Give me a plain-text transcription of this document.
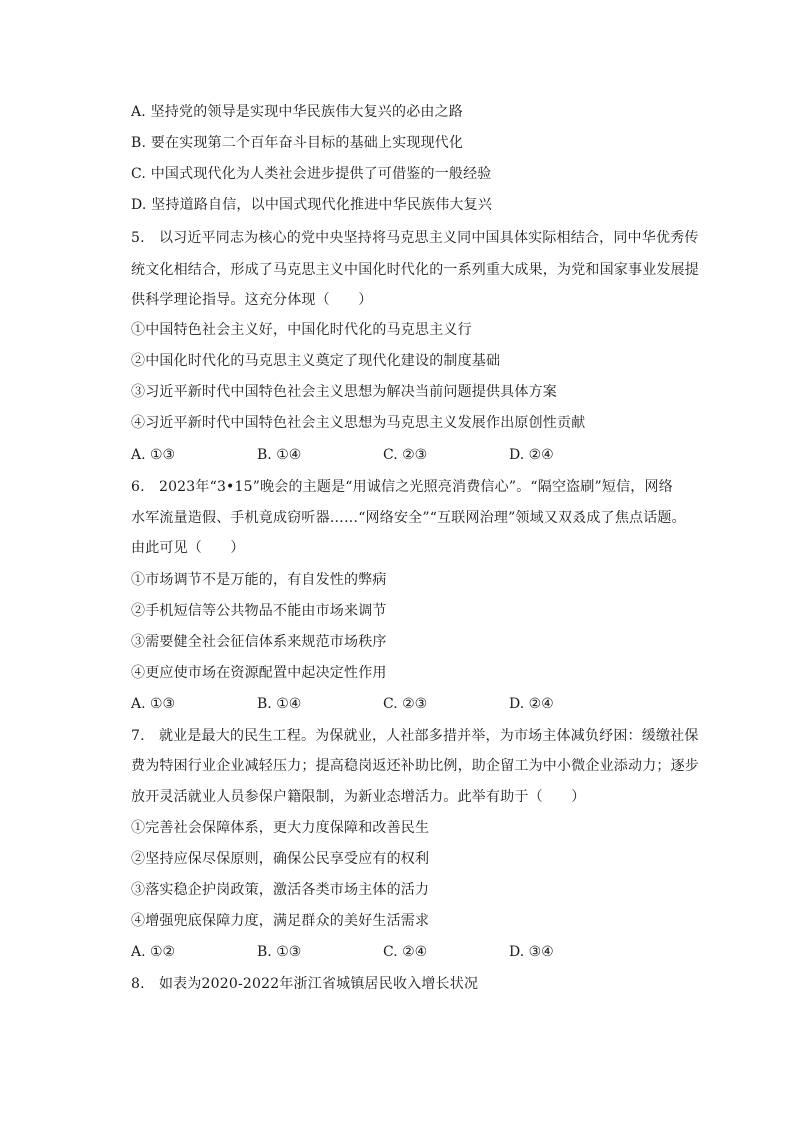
A. 坚持党的领导是实现中华民族伟大复兴的必由之路
B. 要在实现第二个百年奋斗目标的基础上实现现代化
C. 中国式现代化为人类社会进步提供了可借鉴的一般经验
D. 坚持道路自信，以中国式现代化推进中华民族伟大复兴
5.　以习近平同志为核心的党中央坚持将马克思主义同中国具体实际相结合，同中华优秀传
统文化相结合，形成了马克思主义中国化时代化的一系列重大成果，为党和国家事业发展提
供科学理论指导。这充分体现（　　）
①中国特色社会主义好，中国化时代化的马克思主义行
②中国化时代化的马克思主义奠定了现代化建设的制度基础
③习近平新时代中国特色社会主义思想为解决当前问题提供具体方案
④习近平新时代中国特色社会主义思想为马克思主义发展作出原创性贡献
A. ①③	B. ①④	C. ②③	D. ②④
6.　2023年“3•15”晚会的主题是“用诚信之光照亮消费信心”。“隔空盗刷”短信，网络
水军流量造假、手机竟成窃听器……“网络安全”“互联网治理”领域又双叒成了焦点话题。
由此可见（　　）
①市场调节不是万能的，有自发性的弊病
②手机短信等公共物品不能由市场来调节
③需要健全社会征信体系来规范市场秩序
④更应使市场在资源配置中起决定性作用
A. ①③	B. ①④	C. ②③	D. ②④
7.　就业是最大的民生工程。为保就业，人社部多措并举，为市场主体减负纾困：缓缴社保
费为特困行业企业减轻压力；提高稳岗返还补助比例，助企留工为中小微企业添动力；逐步
放开灵活就业人员参保户籍限制，为新业态增活力。此举有助于（　　）
①完善社会保障体系，更大力度保障和改善民生
②坚持应保尽保原则，确保公民享受应有的权利
③落实稳企护岗政策，激活各类市场主体的活力
④增强兜底保障力度，满足群众的美好生活需求
A. ①②	B. ①③	C. ②④	D. ③④
8.　如表为2020-2022年浙江省城镇居民收入增长状况
